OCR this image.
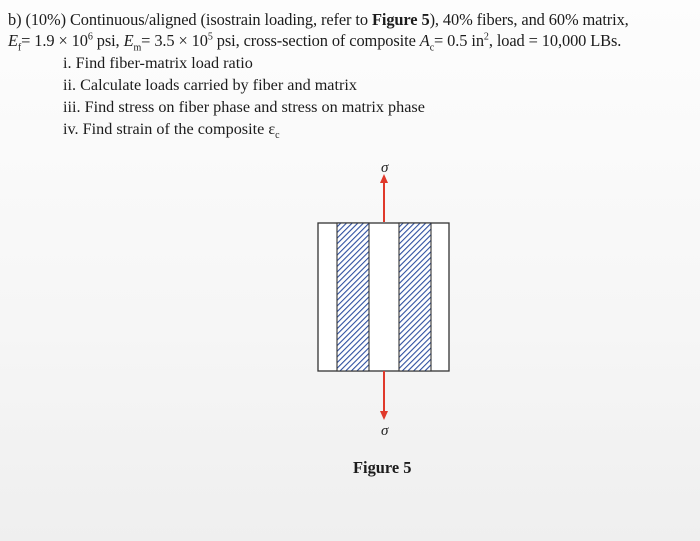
b) (10%) Continuous/aligned (isostrain loading, refer to Figure 5), 40% fibers, and 60% matrix,
$E_f= 1.9 \times 10^6$ psi, $E_m= 3.5 \times 10^5$ psi, cross-section of composite $A_c= 0.5$ $in^2$, load = 10,000 LBs.
i. Find fiber-matrix load ratio
ii. Calculate loads carried by fiber and matrix
iii. Find stress on fiber phase and stress on matrix phase
iv. Find strain of the composite $\varepsilon_c$
σ
σ
Figure 5
